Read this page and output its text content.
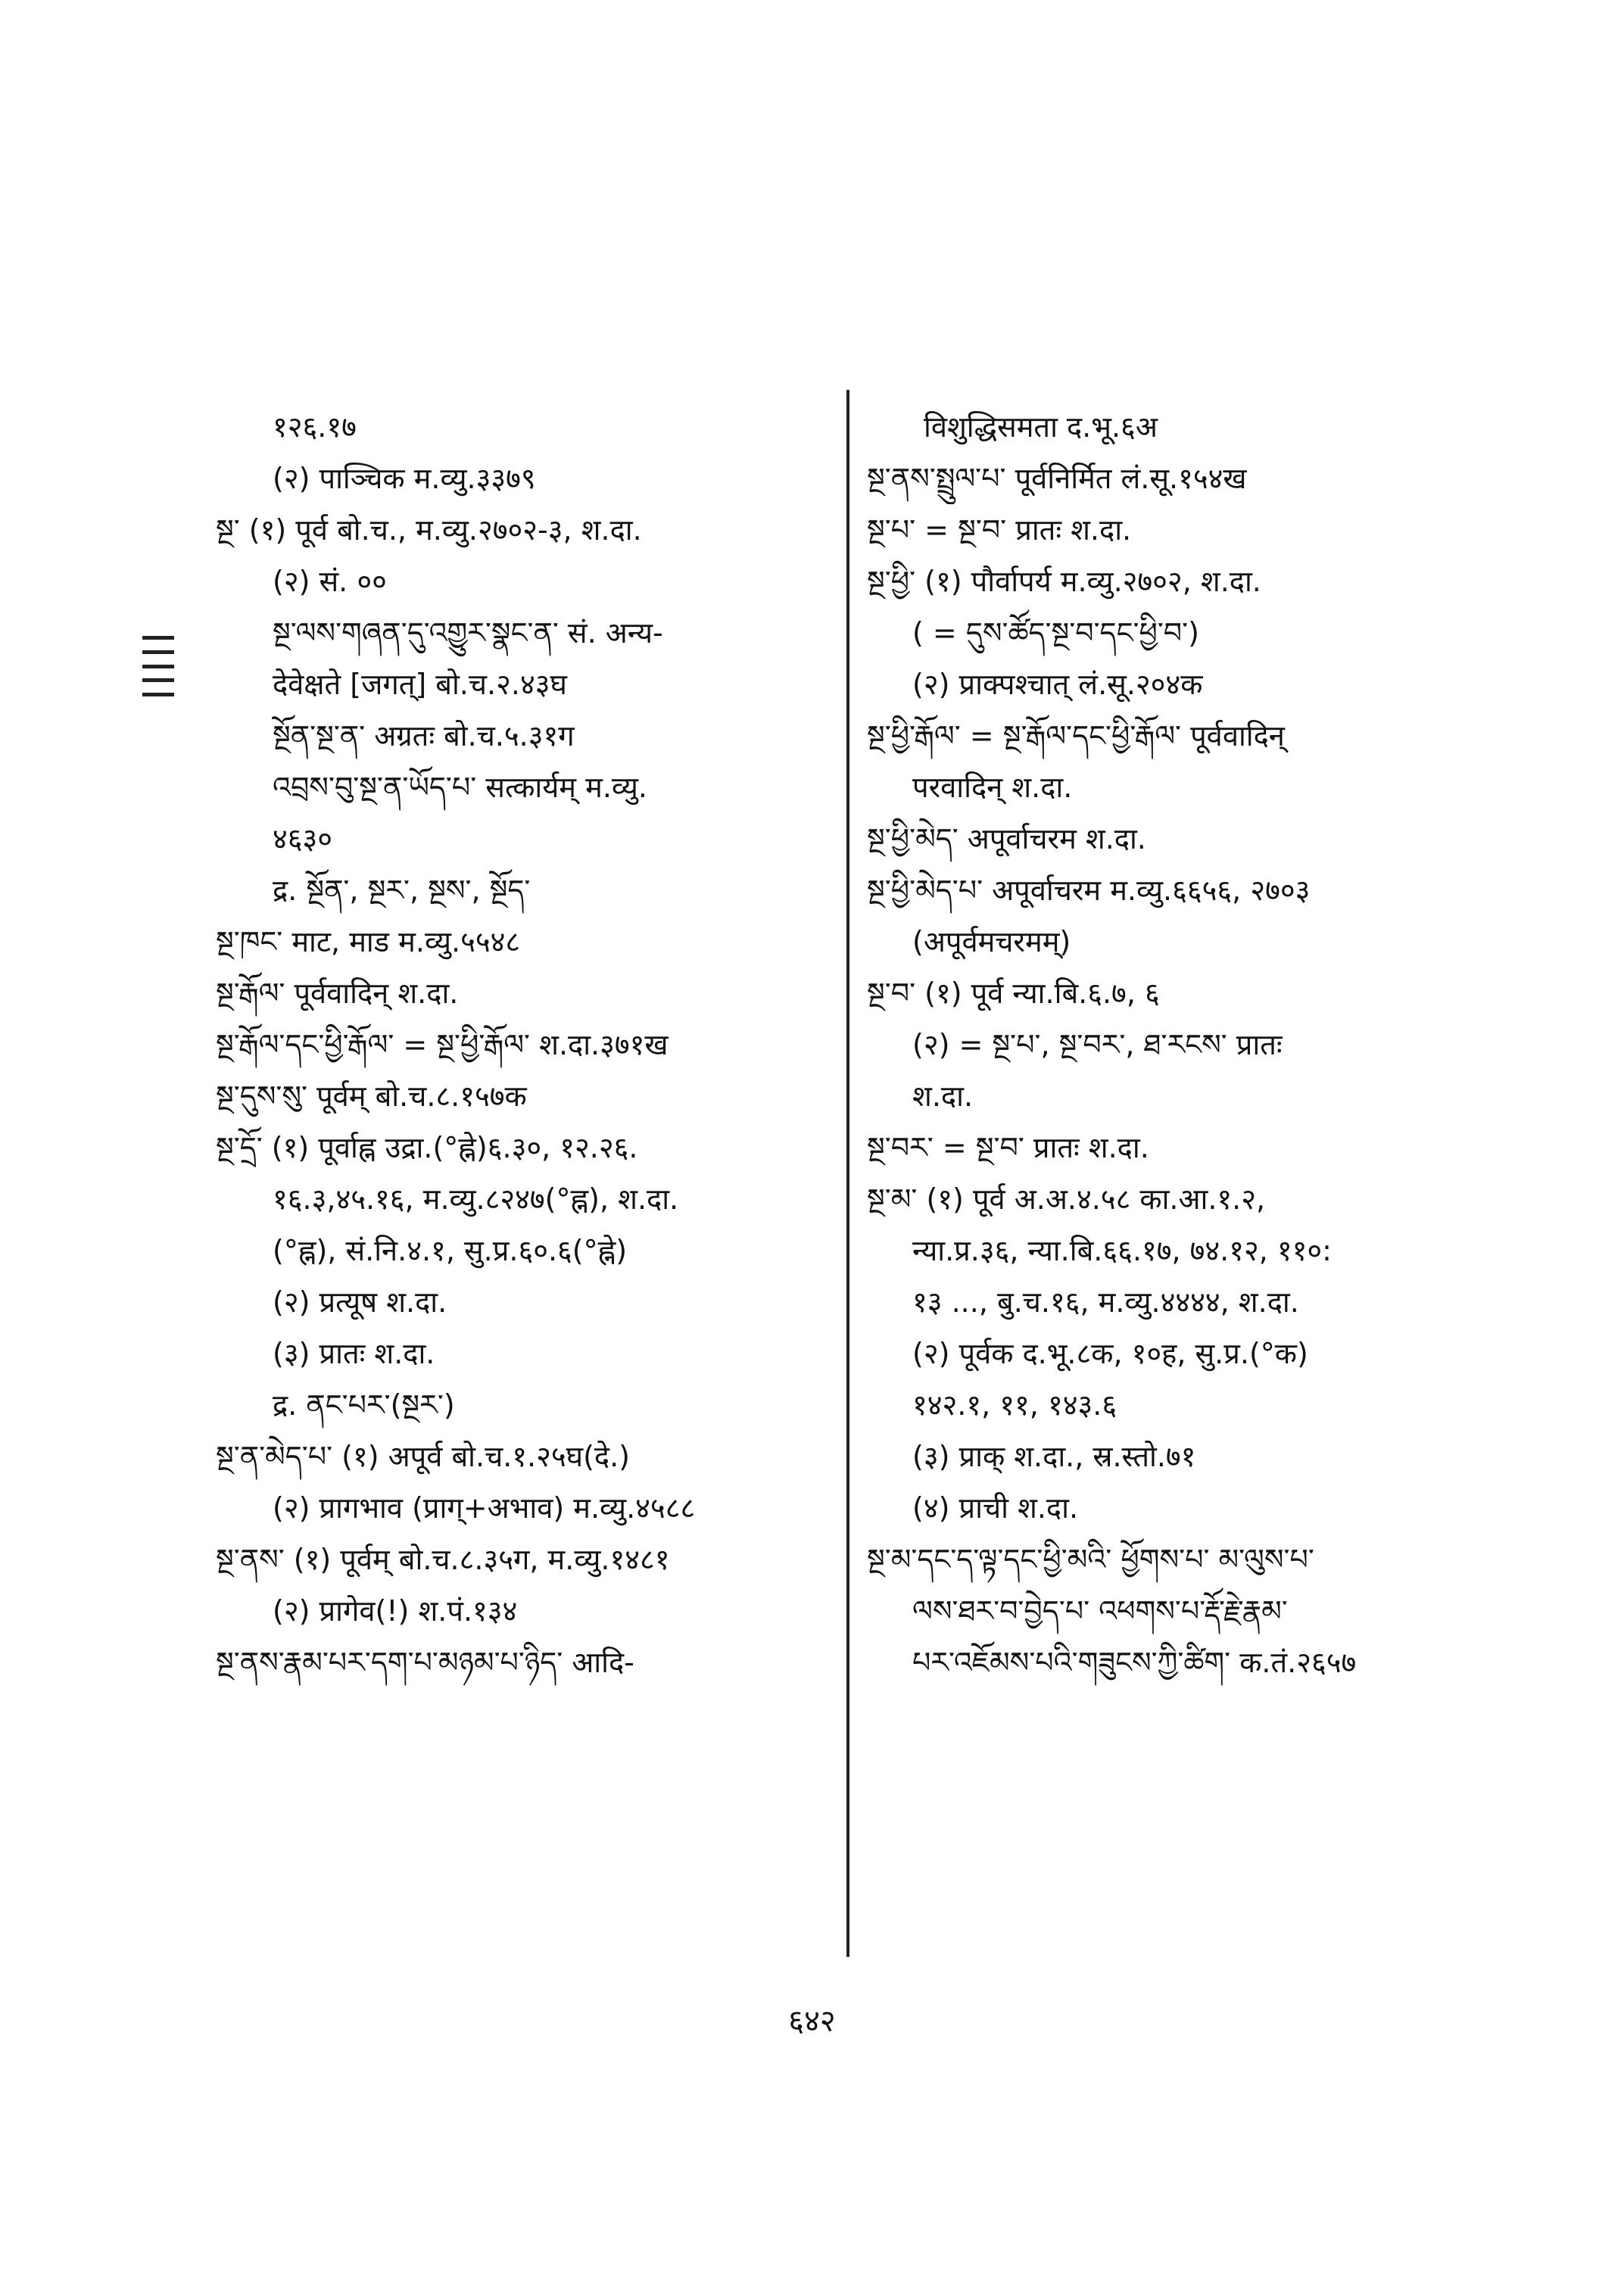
१२६.१७
(२) पाञ्चिक म.व्यु.३३७९
སྔ་ (१) पूर्व बो.च., म.व्यु.२७०२-३, श.दा.
(२) सं. ००
སྔ་ལས་གཞན་དུ་འགྱུར་སྣང་ན་ सं. अन्य-
देवेक्षते [जगत्] बो.च.२.४३घ
སྔོན་སྔ་ན་ अग्रतः बो.च.५.३१ग
འབྲས་བུ་སྔ་ན་ཡོད་པ་ सत्कार्यम् म.व्यु.
४६३०
द्र. སྔོན་, སྔར་, སྔས་, སྔོད་
སྔ་ཁང་ माट, माड म.व्यु.५५४८
སྔ་རྒོལ་ पूर्ववादिन् श.दा.
སྔ་རྒོལ་དང་ཕྱི་རྒོལ་ = སྔ་ཕྱི་རྒོལ་ श.दा.३७१ख
སྔ་དུས་སུ་ पूर्वम् बो.च.८.१५७क
སྔ་དྲོ་ (१) पूर्वाह्न उद्रा.(°ह्ने)६.३०, १२.२६.
१६.३,४५.१६, म.व्यु.८२४७(°ह्न), श.दा.
(°ह्न), सं.नि.४.१, सु.प्र.६०.६(°ह्ने)
(२) प्रत्यूष श.दा.
(३) प्रातः श.दा.
द्र. ནང་པར་(སྔར་)
སྔ་ན་མེད་པ་ (१) अपूर्व बो.च.१.२५घ(दे.)
(२) प्रागभाव (प्राग्+अभाव) म.व्यु.४५८८
སྔ་ནས་ (१) पूर्वम् बो.च.८.३५ग, म.व्यु.१४८१
(२) प्रागेव(!) श.पं.१३४
སྔ་ནས་རྣམ་པར་དག་པ་མཉམ་པ་ཉིད་ आदि-
विशुद्धिसमता द.भू.६अ
སྔ་ནས་སྤྲུལ་པ་ पूर्वनिर्मित लं.सू.१५४ख
སྔ་པ་ = སྔ་བ་ प्रातः श.दा.
སྔ་ཕྱི་ (१) पौर्वापर्य म.व्यु.२७०२, श.दा.
( = དུས་ཚོད་སྔ་བ་དང་ཕྱི་བ་)
(२) प्राक्पश्चात् लं.सू.२०४क
སྔ་ཕྱི་རྒོལ་ = སྔ་རྒོལ་དང་ཕྱི་རྒོལ་ पूर्ववादिन्
परवादिन् श.दा.
སྔ་ཕྱི་མེད་ अपूर्वाचरम श.दा.
སྔ་ཕྱི་མེད་པ་ अपूर्वाचरम म.व्यु.६६५६, २७०३
(अपूर्वमचरमम्)
སྔ་བ་ (१) पूर्व न्या.बि.६.७, ६
(२) = སྔ་པ་, སྔ་བར་, ཐ་རངས་ प्रातः
श.दा.
སྔ་བར་ = སྔ་བ་ प्रातः श.दा.
སྔ་མ་ (१) पूर्व अ.अ.४.५८ का.आ.१.२,
न्या.प्र.३६, न्या.बि.६६.१७, ७४.१२, ११०:
१३ ..., बु.च.१६, म.व्यु.४४४४, श.दा.
(२) पूर्वक द.भू.८क, १०ह, सु.प्र.(°क)
१४२.१, ११, १४३.६
(३) प्राक् श.दा., स्र.स्तो.७१
(४) प्राची श.दा.
སྔ་མ་དང་ད་ལྟ་དང་ཕྱི་མའི་ ཕྱོགས་པ་ མ་ལུས་པ་
ལས་ཐར་བ་བྱེད་པ་ འཕགས་པ་རྡོ་རྗེ་རྣམ་
པར་འཇོམས་པའི་གཟུངས་ཀྱི་ཚིག་ क.तं.२६५७
६४२
